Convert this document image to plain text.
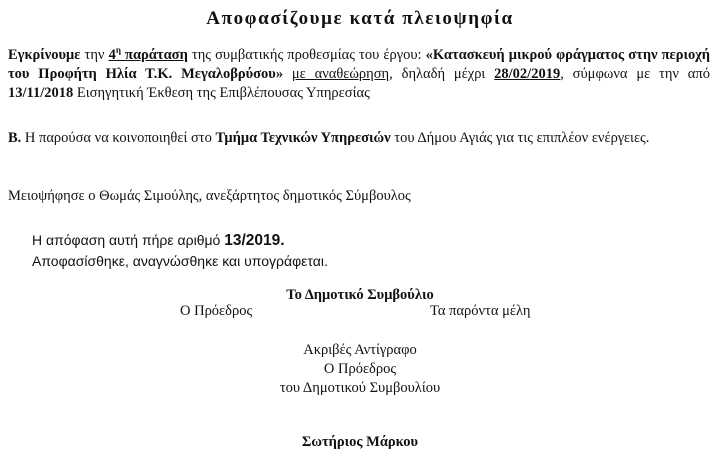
Αποφασίζουμε κατά πλειοψηφία
Εγκρίνουμε την $4^\eta$ παράταση της συμβατικής προθεσμίας του έργου: «Κατασκευή μικρού φράγματος στην περιοχή του Προφήτη Ηλία Τ.Κ. Μεγαλοβρύσου» με αναθεώρηση, δηλαδή μέχρι 28/02/2019, σύμφωνα με την από 13/11/2018 Εισηγητική Έκθεση της Επιβλέπουσας Υπηρεσίας
Β. Η παρούσα να κοινοποιηθεί στο Τμήμα Τεχνικών Υπηρεσιών του Δήμου Αγιάς για τις επιπλέον ενέργειες.
Μειοψήφησε ο Θωμάς Σιμούλης, ανεξάρτητος δημοτικός Σύμβουλος
Η απόφαση αυτή πήρε αριθμό 13/2019.
Αποφασίσθηκε, αναγνώσθηκε και υπογράφεται.
Το Δημοτικό Συμβούλιο
Ο Πρόεδρος	Τα παρόντα μέλη
Ακριβές Αντίγραφο
Ο Πρόεδρος
του Δημοτικού Συμβουλίου
Σωτήριος Μάρκου
